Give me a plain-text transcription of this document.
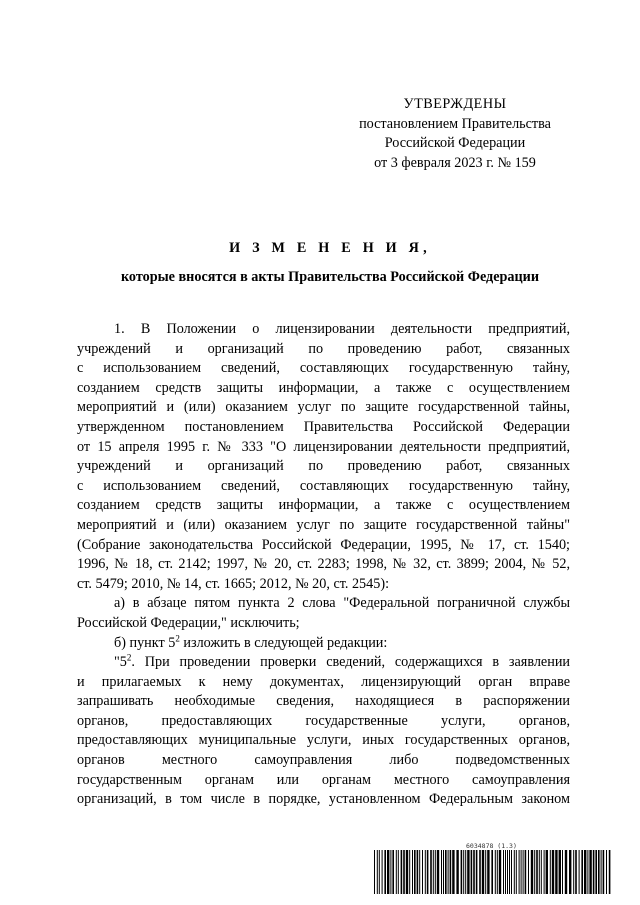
УТВЕРЖДЕНЫ
постановлением Правительства
Российской Федерации
от 3 февраля 2023 г. № 159
И З М Е Н Е Н И Я,
которые вносятся в акты Правительства Российской Федерации
1. В Положении о лицензировании деятельности предприятий,
учреждений и организаций по проведению работ, связанных
с использованием сведений, составляющих государственную тайну,
созданием средств защиты информации, а также с осуществлением
мероприятий и (или) оказанием услуг по защите государственной тайны,
утвержденном постановлением Правительства Российской Федерации
от 15 апреля 1995 г. № 333 "О лицензировании деятельности предприятий,
учреждений и организаций по проведению работ, связанных
с использованием сведений, составляющих государственную тайну,
созданием средств защиты информации, а также с осуществлением
мероприятий и (или) оказанием услуг по защите государственной тайны"
(Собрание законодательства Российской Федерации, 1995, № 17, ст. 1540;
1996, № 18, ст. 2142; 1997, № 20, ст. 2283; 1998, № 32, ст. 3899; 2004, № 52,
ст. 5479; 2010, № 14, ст. 1665; 2012, № 20, ст. 2545):
а) в абзаце пятом пункта 2 слова "Федеральной пограничной службы
Российской Федерации," исключить;
б) пункт $5^2$ изложить в следующей редакции:
"$5^2$. При проведении проверки сведений, содержащихся в заявлении
и прилагаемых к нему документах, лицензирующий орган вправе
запрашивать необходимые сведения, находящиеся в распоряжении
органов, предоставляющих государственные услуги, органов,
предоставляющих муниципальные услуги, иных государственных органов,
органов местного самоуправления либо подведомственных
государственным органам или органам местного самоуправления
организаций, в том числе в порядке, установленном Федеральным законом
6034878 (1.3)
